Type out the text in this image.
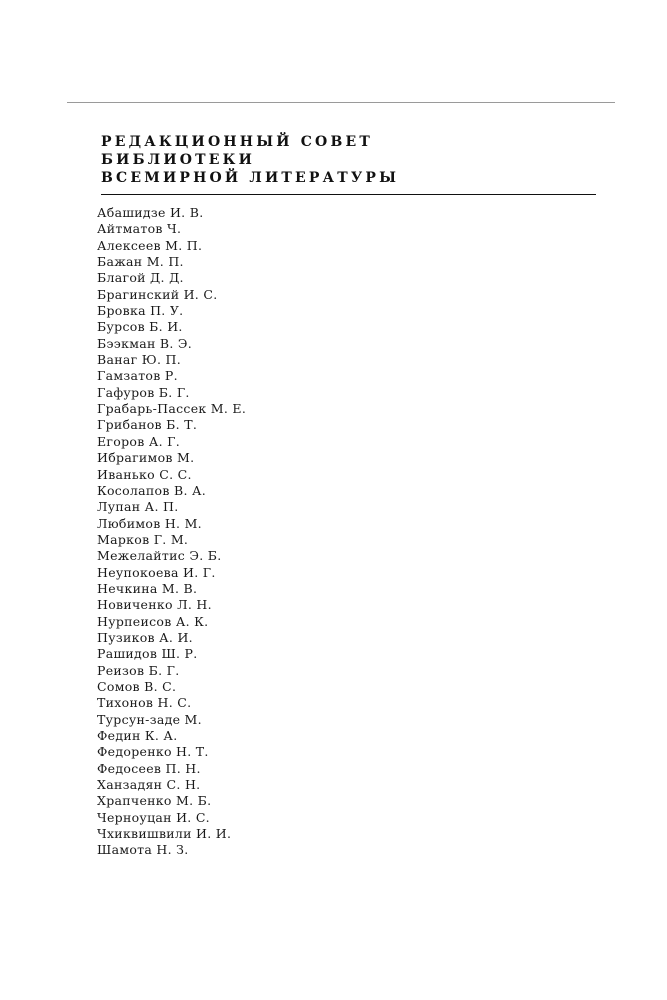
РЕДАКЦИОННЫЙ СОВЕТ
БИБЛИОТЕКИ
ВСЕМИРНОЙ ЛИТЕРАТУРЫ
Абашидзе И. В.
Айтматов Ч.
Алексеев М. П.
Бажан М. П.
Благой Д. Д.
Брагинский И. С.
Бровка П. У.
Бурсов Б. И.
Бээкман В. Э.
Ванаг Ю. П.
Гамзатов Р.
Гафуров Б. Г.
Грабарь-Пассек М. Е.
Грибанов Б. Т.
Егоров А. Г.
Ибрагимов М.
Иванько С. С.
Косолапов В. А.
Лупан А. П.
Любимов Н. М.
Марков Г. М.
Межелайтис Э. Б.
Неупокоева И. Г.
Нечкина М. В.
Новиченко Л. Н.
Нурпеисов А. К.
Пузиков А. И.
Рашидов Ш. Р.
Реизов Б. Г.
Сомов В. С.
Тихонов Н. С.
Турсун-заде М.
Федин К. А.
Федоренко Н. Т.
Федосеев П. Н.
Ханзадян С. Н.
Храпченко М. Б.
Черноуцан И. С.
Чхиквишвили И. И.
Шамота Н. З.
